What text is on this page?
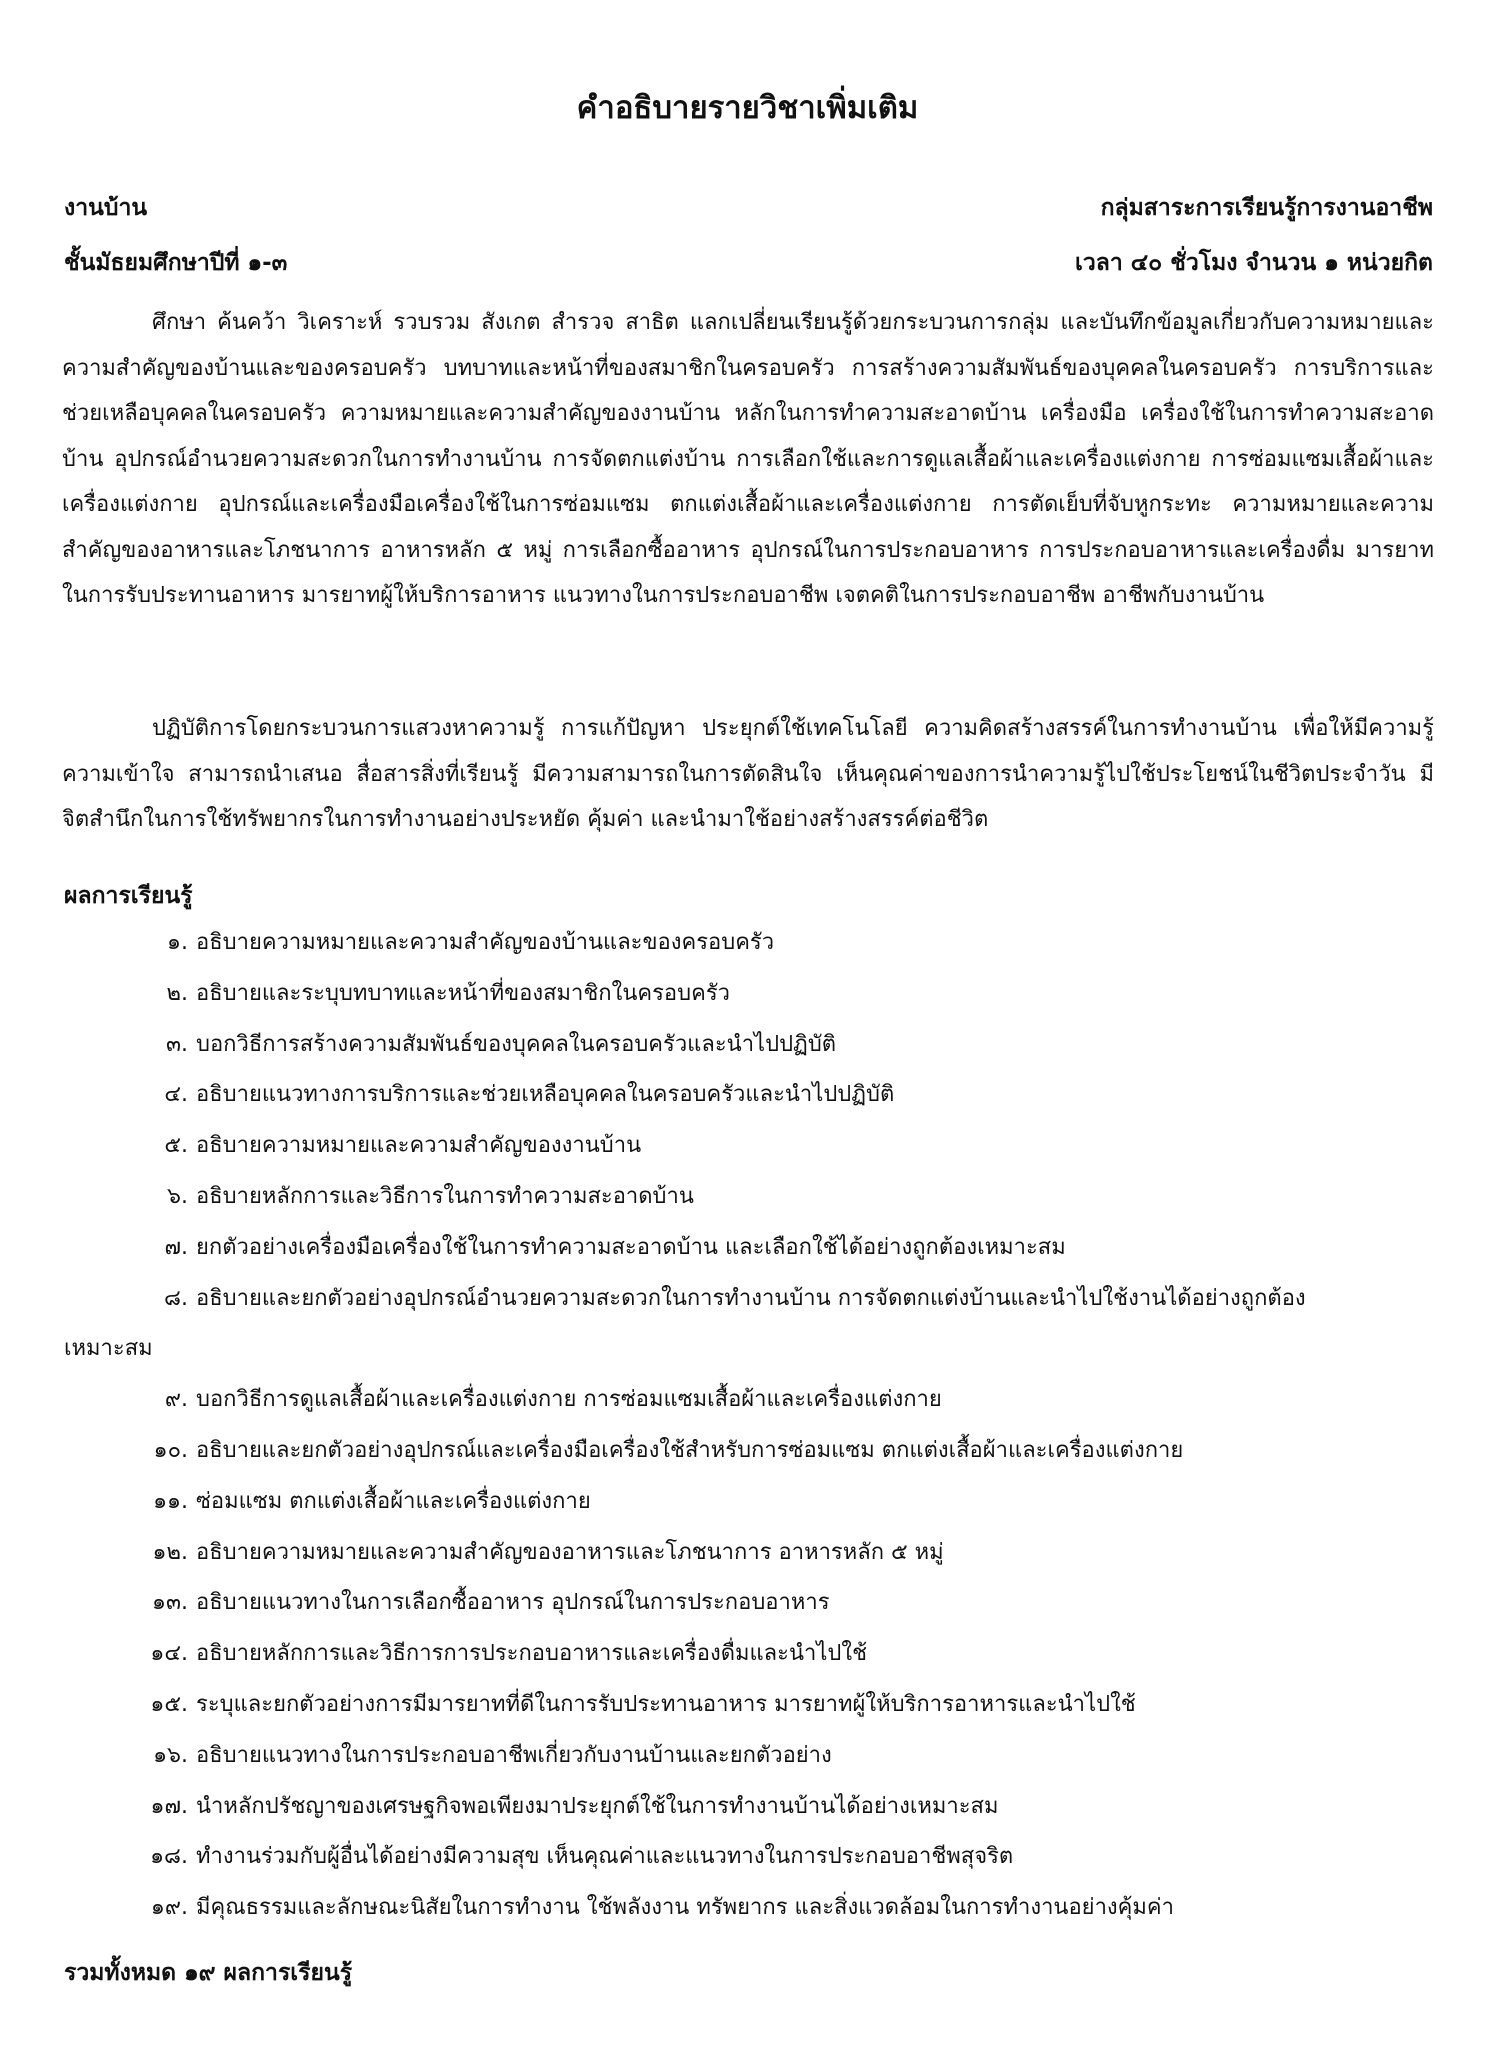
คำอธิบายรายวิชาเพิ่มเติม
งานบ้าน	กลุ่มสาระการเรียนรู้การงานอาชีพ
ชั้นมัธยมศึกษาปีที่ ๑-๓	เวลา ๔๐ ชั่วโมง จำนวน ๑ หน่วยกิต

ศึกษา ค้นคว้า วิเคราะห์ รวบรวม สังเกต สำรวจ สาธิต แลกเปลี่ยนเรียนรู้ด้วยกระบวนการกลุ่ม และบันทึกข้อมูลเกี่ยวกับความหมายและความสำคัญของบ้านและของครอบครัว บทบาทและหน้าที่ของสมาชิกในครอบครัว การสร้างความสัมพันธ์ของบุคคลในครอบครัว การบริการและช่วยเหลือบุคคลในครอบครัว ความหมายและความสำคัญของงานบ้าน หลักในการทำความสะอาดบ้าน เครื่องมือ เครื่องใช้ในการทำความสะอาดบ้าน อุปกรณ์อำนวยความสะดวกในการทำงานบ้าน การจัดตกแต่งบ้าน การเลือกใช้และการดูแลเสื้อผ้าและเครื่องแต่งกาย การซ่อมแซมเสื้อผ้าและเครื่องแต่งกาย อุปกรณ์และเครื่องมือเครื่องใช้ในการซ่อมแซม ตกแต่งเสื้อผ้าและเครื่องแต่งกาย การตัดเย็บที่จับหูกระทะ ความหมายและความสำคัญของอาหารและโภชนาการ อาหารหลัก ๕ หมู่ การเลือกซื้ออาหาร อุปกรณ์ในการประกอบอาหาร การประกอบอาหารและเครื่องดื่ม มารยาทในการรับประทานอาหาร มารยาทผู้ให้บริการอาหาร แนวทางในการประกอบอาชีพ เจตคติในการประกอบอาชีพ อาชีพกับงานบ้าน

ปฏิบัติการโดยกระบวนการแสวงหาความรู้ การแก้ปัญหา ประยุกต์ใช้เทคโนโลยี ความคิดสร้างสรรค์ในการทำงานบ้าน เพื่อให้มีความรู้ ความเข้าใจ สามารถนำเสนอ สื่อสารสิ่งที่เรียนรู้ มีความสามารถในการตัดสินใจ เห็นคุณค่าของการนำความรู้ไปใช้ประโยชน์ในชีวิตประจำวัน มีจิตสำนึกในการใช้ทรัพยากรในการทำงานอย่างประหยัด คุ้มค่า และนำมาใช้อย่างสร้างสรรค์ต่อชีวิต

ผลการเรียนรู้
๑. อธิบายความหมายและความสำคัญของบ้านและของครอบครัว
๒. อธิบายและระบุบทบาทและหน้าที่ของสมาชิกในครอบครัว
๓. บอกวิธีการสร้างความสัมพันธ์ของบุคคลในครอบครัวและนำไปปฏิบัติ
๔. อธิบายแนวทางการบริการและช่วยเหลือบุคคลในครอบครัวและนำไปปฏิบัติ
๕. อธิบายความหมายและความสำคัญของงานบ้าน
๖. อธิบายหลักการและวิธีการในการทำความสะอาดบ้าน
๗. ยกตัวอย่างเครื่องมือเครื่องใช้ในการทำความสะอาดบ้าน และเลือกใช้ได้อย่างถูกต้องเหมาะสม
๘. อธิบายและยกตัวอย่างอุปกรณ์อำนวยความสะดวกในการทำงานบ้าน การจัดตกแต่งบ้านและนำไปใช้งานได้อย่างถูกต้อง
เหมาะสม
๙. บอกวิธีการดูแลเสื้อผ้าและเครื่องแต่งกาย การซ่อมแซมเสื้อผ้าและเครื่องแต่งกาย
๑๐. อธิบายและยกตัวอย่างอุปกรณ์และเครื่องมือเครื่องใช้สำหรับการซ่อมแซม ตกแต่งเสื้อผ้าและเครื่องแต่งกาย
๑๑. ซ่อมแซม ตกแต่งเสื้อผ้าและเครื่องแต่งกาย
๑๒. อธิบายความหมายและความสำคัญของอาหารและโภชนาการ อาหารหลัก ๕ หมู่
๑๓. อธิบายแนวทางในการเลือกซื้ออาหาร อุปกรณ์ในการประกอบอาหาร
๑๔. อธิบายหลักการและวิธีการการประกอบอาหารและเครื่องดื่มและนำไปใช้
๑๕. ระบุและยกตัวอย่างการมีมารยาทที่ดีในการรับประทานอาหาร มารยาทผู้ให้บริการอาหารและนำไปใช้
๑๖. อธิบายแนวทางในการประกอบอาชีพเกี่ยวกับงานบ้านและยกตัวอย่าง
๑๗. นำหลักปรัชญาของเศรษฐกิจพอเพียงมาประยุกต์ใช้ในการทำงานบ้านได้อย่างเหมาะสม
๑๘. ทำงานร่วมกับผู้อื่นได้อย่างมีความสุข เห็นคุณค่าและแนวทางในการประกอบอาชีพสุจริต
๑๙. มีคุณธรรมและลักษณะนิสัยในการทำงาน ใช้พลังงาน ทรัพยากร และสิ่งแวดล้อมในการทำงานอย่างคุ้มค่า
รวมทั้งหมด ๑๙ ผลการเรียนรู้
